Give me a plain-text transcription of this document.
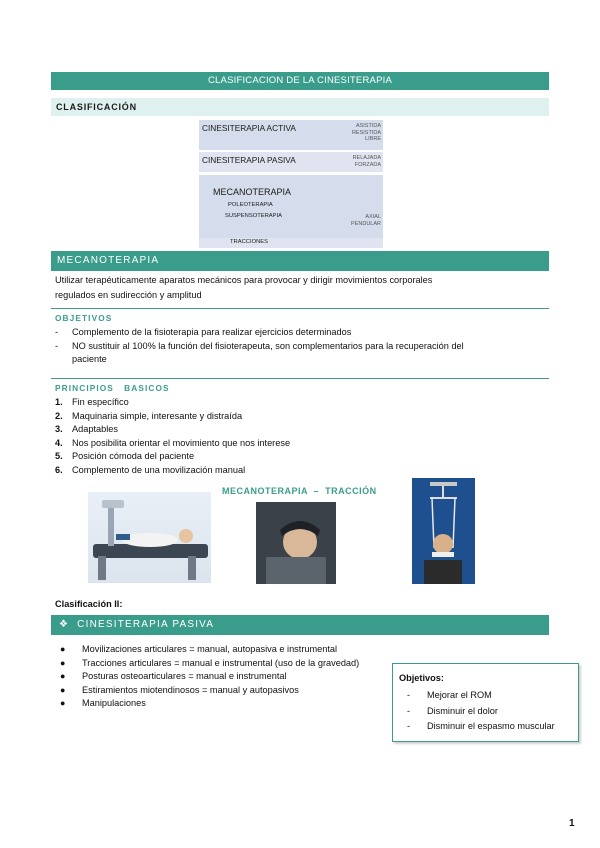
CLASIFICACION DE LA CINESITERAPIA
CLASIFICACIÓN
CINESITERAPIA ACTIVA	ASISTIDA
RESISTIDA
LIBRE
CINESITERAPIA PASIVA	RELAJADA
FORZADA
MECANOTERAPIA
POLEOTERAPIA
SUSPENSOTERAPIA	AXIAL
PENDULAR
TRACCIONES
MECANOTERAPIA
Utilizar terapéuticamente aparatos mecánicos para provocar y dirigir movimientos corporales
regulados en sudirección y amplitud
OBJETIVOS
- Complemento de la fisioterapia para realizar ejercicios determinados
- NO sustituir al 100% la función del fisioterapeuta, son complementarios para la recuperación del
paciente
PRINCIPIOS   BASICOS
1. Fin específico
2. Maquinaria simple, interesante y distraída
3. Adaptables
4. Nos posibilita orientar el movimiento que nos interese
5. Posición cómoda del paciente
6. Complemento de una movilización manual
MECANOTERAPIA  –  TRACCIÓN
Clasificación II:
❖ CINESITERAPIA PASIVA
● Movilizaciones articulares = manual, autopasiva e instrumental
● Tracciones articulares = manual e instrumental (uso de la gravedad)
● Posturas osteoarticulares = manual e instrumental
● Estiramientos miotendinosos = manual y autopasivos
● Manipulaciones
Objetivos:
- Mejorar el ROM
- Disminuir el dolor
- Disminuir el espasmo muscular
1
